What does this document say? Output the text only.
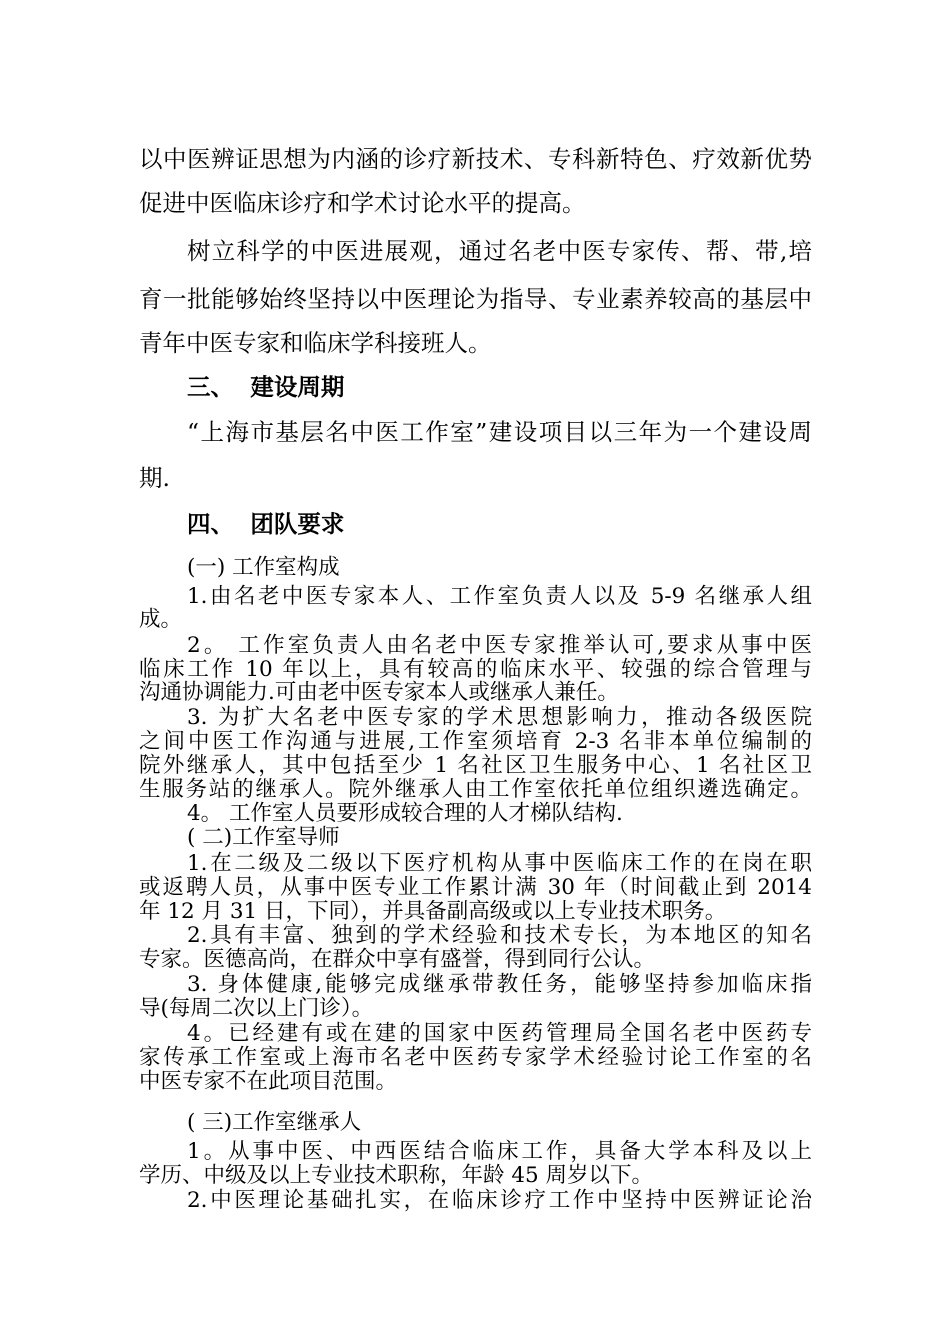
以中医辨证思想为内涵的诊疗新技术、专科新特色、疗效新优势
促进中医临床诊疗和学术讨论水平的提高。
树立科学的中医进展观，通过名老中医专家传、帮、带,培
育一批能够始终坚持以中医理论为指导、专业素养较高的基层中
青年中医专家和临床学科接班人。
三、  建设周期
“上海市基层名中医工作室”建设项目以三年为一个建设周
期.
四、  团队要求
(一) 工作室构成
1.由名老中医专家本人、工作室负责人以及 5-9 名继承人组
成。
2。 工作室负责人由名老中医专家推举认可,要求从事中医
临床工作 10 年以上，具有较高的临床水平、较强的综合管理与
沟通协调能力.可由老中医专家本人或继承人兼任。
3. 为扩大名老中医专家的学术思想影响力，推动各级医院
之间中医工作沟通与进展,工作室须培育 2-3 名非本单位编制的
院外继承人，其中包括至少 1 名社区卫生服务中心、1 名社区卫
生服务站的继承人。院外继承人由工作室依托单位组织遴选确定。
4。 工作室人员要形成较合理的人才梯队结构.
( 二)工作室导师
1.在二级及二级以下医疗机构从事中医临床工作的在岗在职
或返聘人员，从事中医专业工作累计满 30 年（时间截止到 2014
年 12 月 31 日，下同），并具备副高级或以上专业技术职务。
2.具有丰富、独到的学术经验和技术专长，为本地区的知名
专家。医德高尚，在群众中享有盛誉，得到同行公认。
3. 身体健康,能够完成继承带教任务，能够坚持参加临床指
导(每周二次以上门诊）。
4。已经建有或在建的国家中医药管理局全国名老中医药专
家传承工作室或上海市名老中医药专家学术经验讨论工作室的名
中医专家不在此项目范围。
( 三)工作室继承人
1。从事中医、中西医结合临床工作，具备大学本科及以上
学历、中级及以上专业技术职称，年龄 45 周岁以下。
2.中医理论基础扎实，在临床诊疗工作中坚持中医辨证论治
